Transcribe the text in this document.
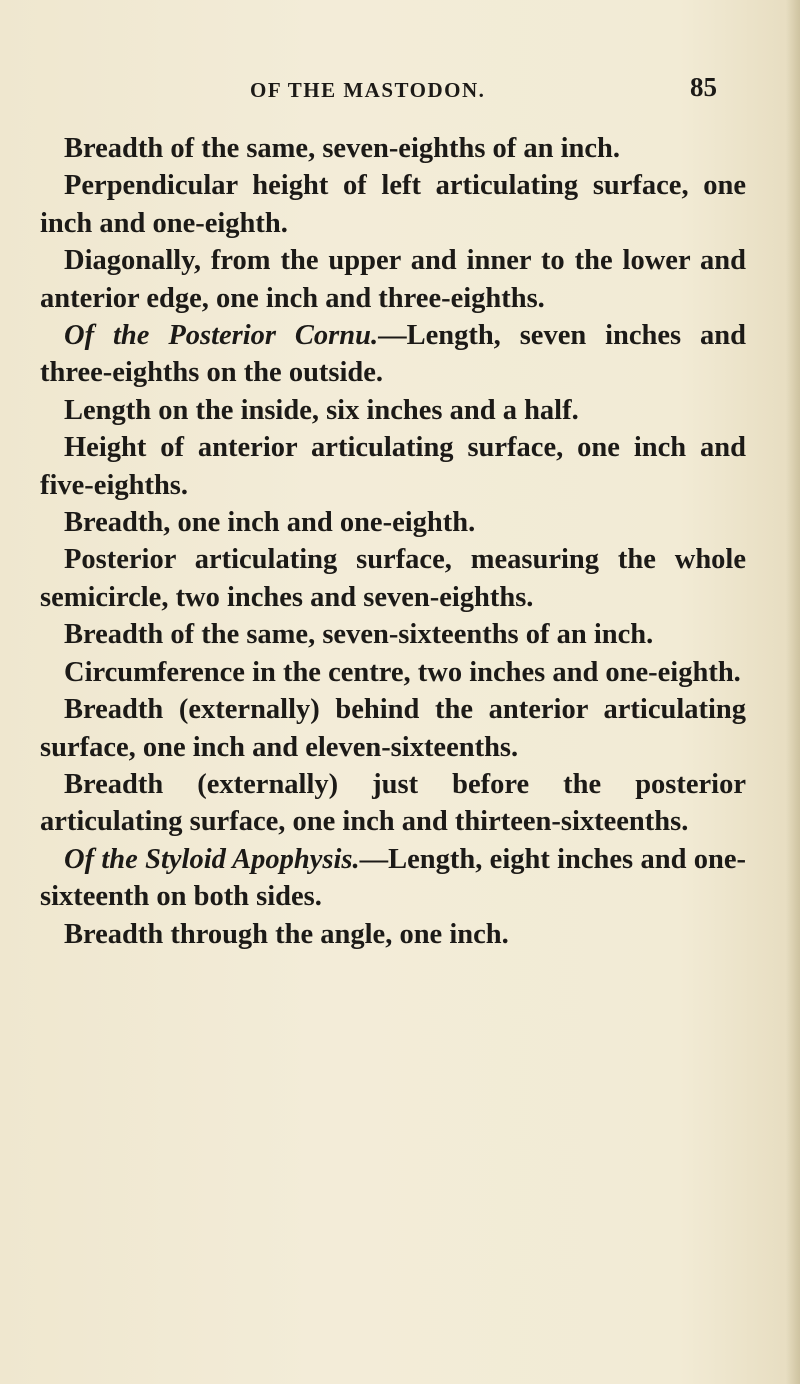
OF THE MASTODON.	85

Breadth of the same, seven-eighths of an inch.

Perpendicular height of left articulating surface, one inch and one-eighth.

Diagonally, from the upper and inner to the lower and anterior edge, one inch and three-eighths.

Of the Posterior Cornu.—Length, seven inches and three-eighths on the outside.

Length on the inside, six inches and a half.

Height of anterior articulating surface, one inch and five-eighths.

Breadth, one inch and one-eighth.

Posterior articulating surface, measuring the whole semicircle, two inches and seven-eighths.

Breadth of the same, seven-sixteenths of an inch.

Circumference in the centre, two inches and one-eighth.

Breadth (externally) behind the anterior articulating surface, one inch and eleven-sixteenths.

Breadth (externally) just before the posterior articulating surface, one inch and thirteen-sixteenths.

Of the Styloid Apophysis.—Length, eight inches and one-sixteenth on both sides.

Breadth through the angle, one inch.
